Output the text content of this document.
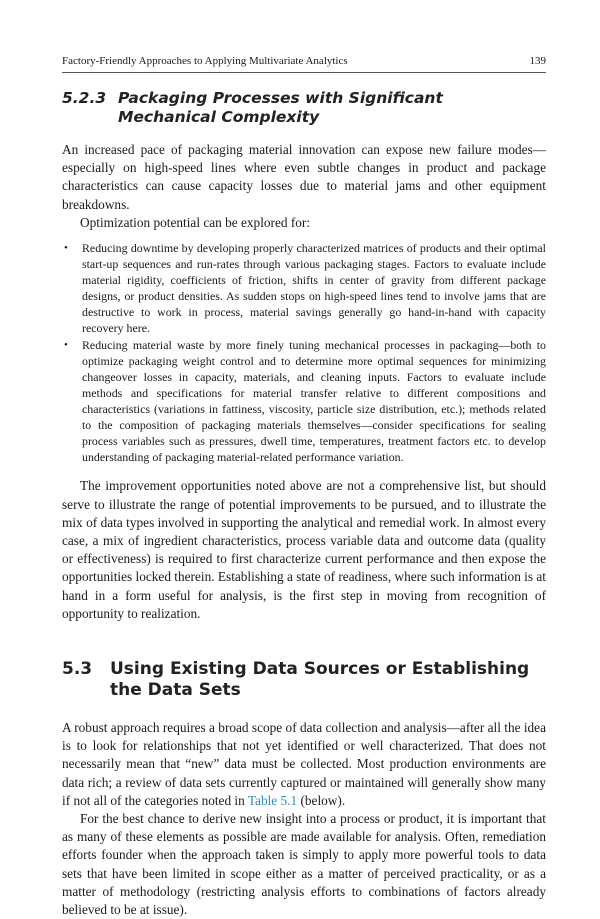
Factory-Friendly Approaches to Applying Multivariate Analytics	139
5.2.3 Packaging Processes with Significant Mechanical Complexity

An increased pace of packaging material innovation can expose new failure modes—especially on high-speed lines where even subtle changes in product and package characteristics can cause capacity losses due to material jams and other equipment breakdowns.

Optimization potential can be explored for:

• Reducing downtime by developing properly characterized matrices of products and their optimal start-up sequences and run-rates through various packaging stages. Factors to evaluate include material rigidity, coefficients of friction, shifts in center of gravity from different package designs, or product densities. As sudden stops on high-speed lines tend to involve jams that are destructive to work in process, material savings generally go hand-in-hand with capacity recovery here.
• Reducing material waste by more finely tuning mechanical processes in packaging—both to optimize packaging weight control and to determine more optimal sequences for minimizing changeover losses in capacity, materials, and cleaning inputs. Factors to evaluate include methods and specifications for material transfer relative to different compositions and characteristics (variations in fattiness, viscosity, particle size distribution, etc.); methods related to the composition of packaging materials themselves—consider specifications for sealing process variables such as pressures, dwell time, temperatures, treatment factors etc. to develop understanding of packaging material-related performance variation.

The improvement opportunities noted above are not a comprehensive list, but should serve to illustrate the range of potential improvements to be pursued, and to illustrate the mix of data types involved in supporting the analytical and remedial work. In almost every case, a mix of ingredient characteristics, process variable data and outcome data (quality or effectiveness) is required to first characterize current performance and then expose the opportunities locked therein. Establishing a state of readiness, where such information is at hand in a form useful for analysis, is the first step in moving from recognition of opportunity to realization.

5.3	Using Existing Data Sources or Establishing the Data Sets

A robust approach requires a broad scope of data collection and analysis—after all the idea is to look for relationships that not yet identified or well characterized. That does not necessarily mean that “new” data must be collected. Most production environments are data rich; a review of data sets currently captured or maintained will generally show many if not all of the categories noted in Table 5.1 (below).

For the best chance to derive new insight into a process or product, it is important that as many of these elements as possible are made available for analysis. Often, remediation efforts founder when the approach taken is simply to apply more powerful tools to data sets that have been limited in scope either as a matter of perceived practicality, or as a matter of methodology (restricting analysis efforts to combinations of factors already believed to be at issue).
